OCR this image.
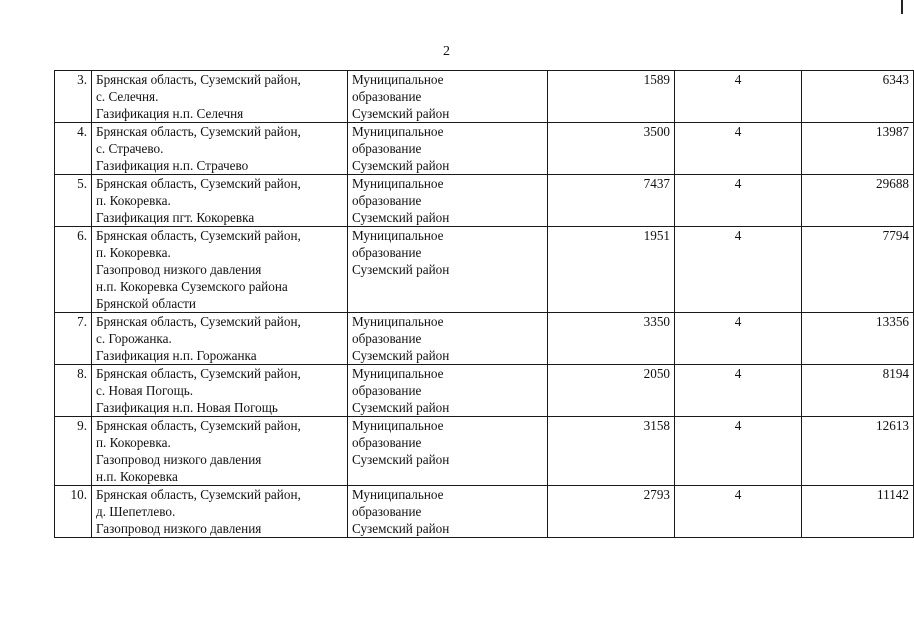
2
3.	Брянская область, Суземский район,
с. Селечня.
Газификация н.п. Селечня	Муниципальное
образование
Суземский район	1589	4	6343
4.	Брянская область, Суземский район,
с. Страчево.
Газификация н.п. Страчево	Муниципальное
образование
Суземский район	3500	4	13987
5.	Брянская область, Суземский район,
п. Кокоревка.
Газификация пгт. Кокоревка	Муниципальное
образование
Суземский район	7437	4	29688
6.	Брянская область, Суземский район,
п. Кокоревка.
Газопровод низкого давления
н.п. Кокоревка Суземского района
Брянской области	Муниципальное
образование
Суземский район	1951	4	7794
7.	Брянская область, Суземский район,
с. Горожанка.
Газификация н.п. Горожанка	Муниципальное
образование
Суземский район	3350	4	13356
8.	Брянская область, Суземский район,
с. Новая Погощь.
Газификация н.п. Новая Погощь	Муниципальное
образование
Суземский район	2050	4	8194
9.	Брянская область, Суземский район,
п. Кокоревка.
Газопровод низкого давления
н.п. Кокоревка	Муниципальное
образование
Суземский район	3158	4	12613
10.	Брянская область, Суземский район,
д. Шепетлево.
Газопровод низкого давления	Муниципальное
образование
Суземский район	2793	4	11142
